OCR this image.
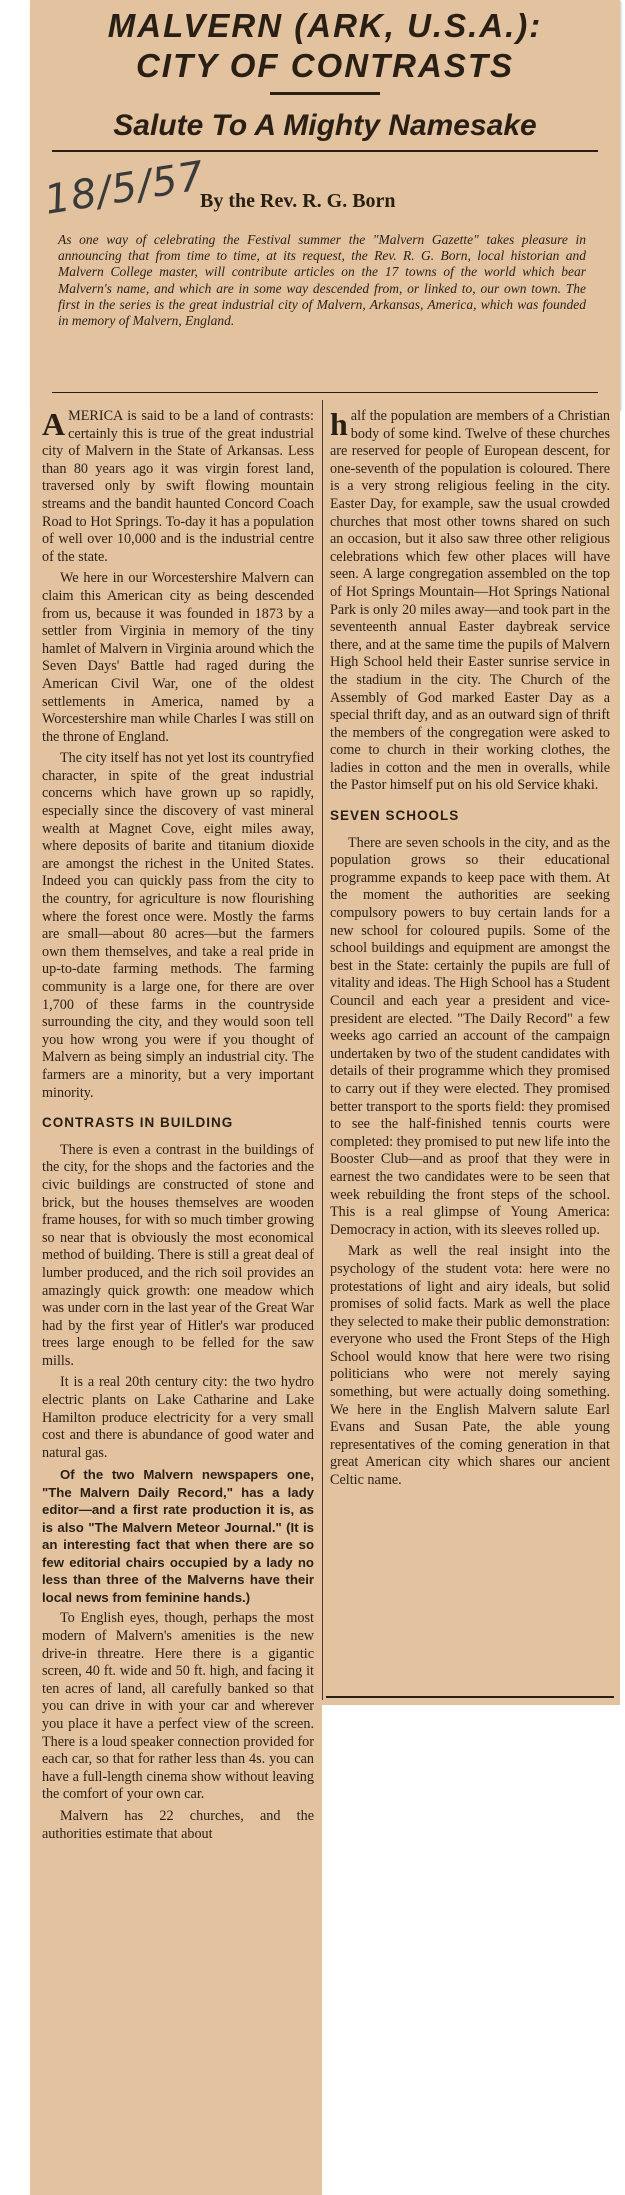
MALVERN (ARK, U.S.A.):
CITY OF CONTRASTS
Salute To A Mighty Namesake
18/5/57

By the Rev. R. G. Born

As one way of celebrating the Festival summer the "Malvern Gazette" takes pleasure in announcing that from time to time, at its request, the Rev. R. G. Born, local historian and Malvern College master, will contribute articles on the 17 towns of the world which bear Malvern's name, and which are in some way descended from, or linked to, our own town. The first in the series is the great industrial city of Malvern, Arkansas, America, which was founded in memory of Malvern, England.

AMERICA is said to be a land of contrasts: certainly this is true of the great industrial city of Malvern in the State of Arkansas. Less than 80 years ago it was virgin forest land, traversed only by swift flowing mountain streams and the bandit haunted Concord Coach Road to Hot Springs. To-day it has a population of well over 10,000 and is the industrial centre of the state.

We here in our Worcestershire Malvern can claim this American city as being descended from us, because it was founded in 1873 by a settler from Virginia in memory of the tiny hamlet of Malvern in Virginia around which the Seven Days' Battle had raged during the American Civil War, one of the oldest settlements in America, named by a Worcestershire man while Charles I was still on the throne of England.

The city itself has not yet lost its countryfied character, in spite of the great industrial concerns which have grown up so rapidly, especially since the discovery of vast mineral wealth at Magnet Cove, eight miles away, where deposits of barite and titanium dioxide are amongst the richest in the United States. Indeed you can quickly pass from the city to the country, for agriculture is now flourishing where the forest once were. Mostly the farms are small—about 80 acres—but the farmers own them themselves, and take a real pride in up-to-date farming methods. The farming community is a large one, for there are over 1,700 of these farms in the countryside surrounding the city, and they would soon tell you how wrong you were if you thought of Malvern as being simply an industrial city. The farmers are a minority, but a very important minority.

CONTRASTS IN BUILDING

There is even a contrast in the buildings of the city, for the shops and the factories and the civic buildings are constructed of stone and brick, but the houses themselves are wooden frame houses, for with so much timber growing so near that is obviously the most economical method of building. There is still a great deal of lumber produced, and the rich soil provides an amazingly quick growth: one meadow which was under corn in the last year of the Great War had by the first year of Hitler's war produced trees large enough to be felled for the saw mills.

It is a real 20th century city: the two hydro electric plants on Lake Catharine and Lake Hamilton produce electricity for a very small cost and there is abundance of good water and natural gas.

Of the two Malvern newspapers one, "The Malvern Daily Record," has a lady editor—and a first rate production it is, as is also "The Malvern Meteor Journal." (It is an interesting fact that when there are so few editorial chairs occupied by a lady no less than three of the Malverns have their local news from feminine hands.)

To English eyes, though, perhaps the most modern of Malvern's amenities is the new drive-in threatre. Here there is a gigantic screen, 40 ft. wide and 50 ft. high, and facing it ten acres of land, all carefully banked so that you can drive in with your car and wherever you place it have a perfect view of the screen. There is a loud speaker connection provided for each car, so that for rather less than 4s. you can have a full-length cinema show without leaving the comfort of your own car.

Malvern has 22 churches, and the authorities estimate that about

half the population are members of a Christian body of some kind. Twelve of these churches are reserved for people of European descent, for one-seventh of the population is coloured. There is a very strong religious feeling in the city. Easter Day, for example, saw the usual crowded churches that most other towns shared on such an occasion, but it also saw three other religious celebrations which few other places will have seen. A large congregation assembled on the top of Hot Springs Mountain—Hot Springs National Park is only 20 miles away—and took part in the seventeenth annual Easter daybreak service there, and at the same time the pupils of Malvern High School held their Easter sunrise service in the stadium in the city. The Church of the Assembly of God marked Easter Day as a special thrift day, and as an outward sign of thrift the members of the congregation were asked to come to church in their working clothes, the ladies in cotton and the men in overalls, while the Pastor himself put on his old Service khaki.

SEVEN SCHOOLS

There are seven schools in the city, and as the population grows so their educational programme expands to keep pace with them. At the moment the authorities are seeking compulsory powers to buy certain lands for a new school for coloured pupils. Some of the school buildings and equipment are amongst the best in the State: certainly the pupils are full of vitality and ideas. The High School has a Student Council and each year a president and vice-president are elected. "The Daily Record" a few weeks ago carried an account of the campaign undertaken by two of the student candidates with details of their programme which they promised to carry out if they were elected. They promised better transport to the sports field: they promised to see the half-finished tennis courts were completed: they promised to put new life into the Booster Club—and as proof that they were in earnest the two candidates were to be seen that week rebuilding the front steps of the school. This is a real glimpse of Young America: Democracy in action, with its sleeves rolled up.

Mark as well the real insight into the psychology of the student vota: here were no protestations of light and airy ideals, but solid promises of solid facts. Mark as well the place they selected to make their public demonstration: everyone who used the Front Steps of the High School would know that here were two rising politicians who were not merely saying something, but were actually doing something. We here in the English Malvern salute Earl Evans and Susan Pate, the able young representatives of the coming generation in that great American city which shares our ancient Celtic name.
